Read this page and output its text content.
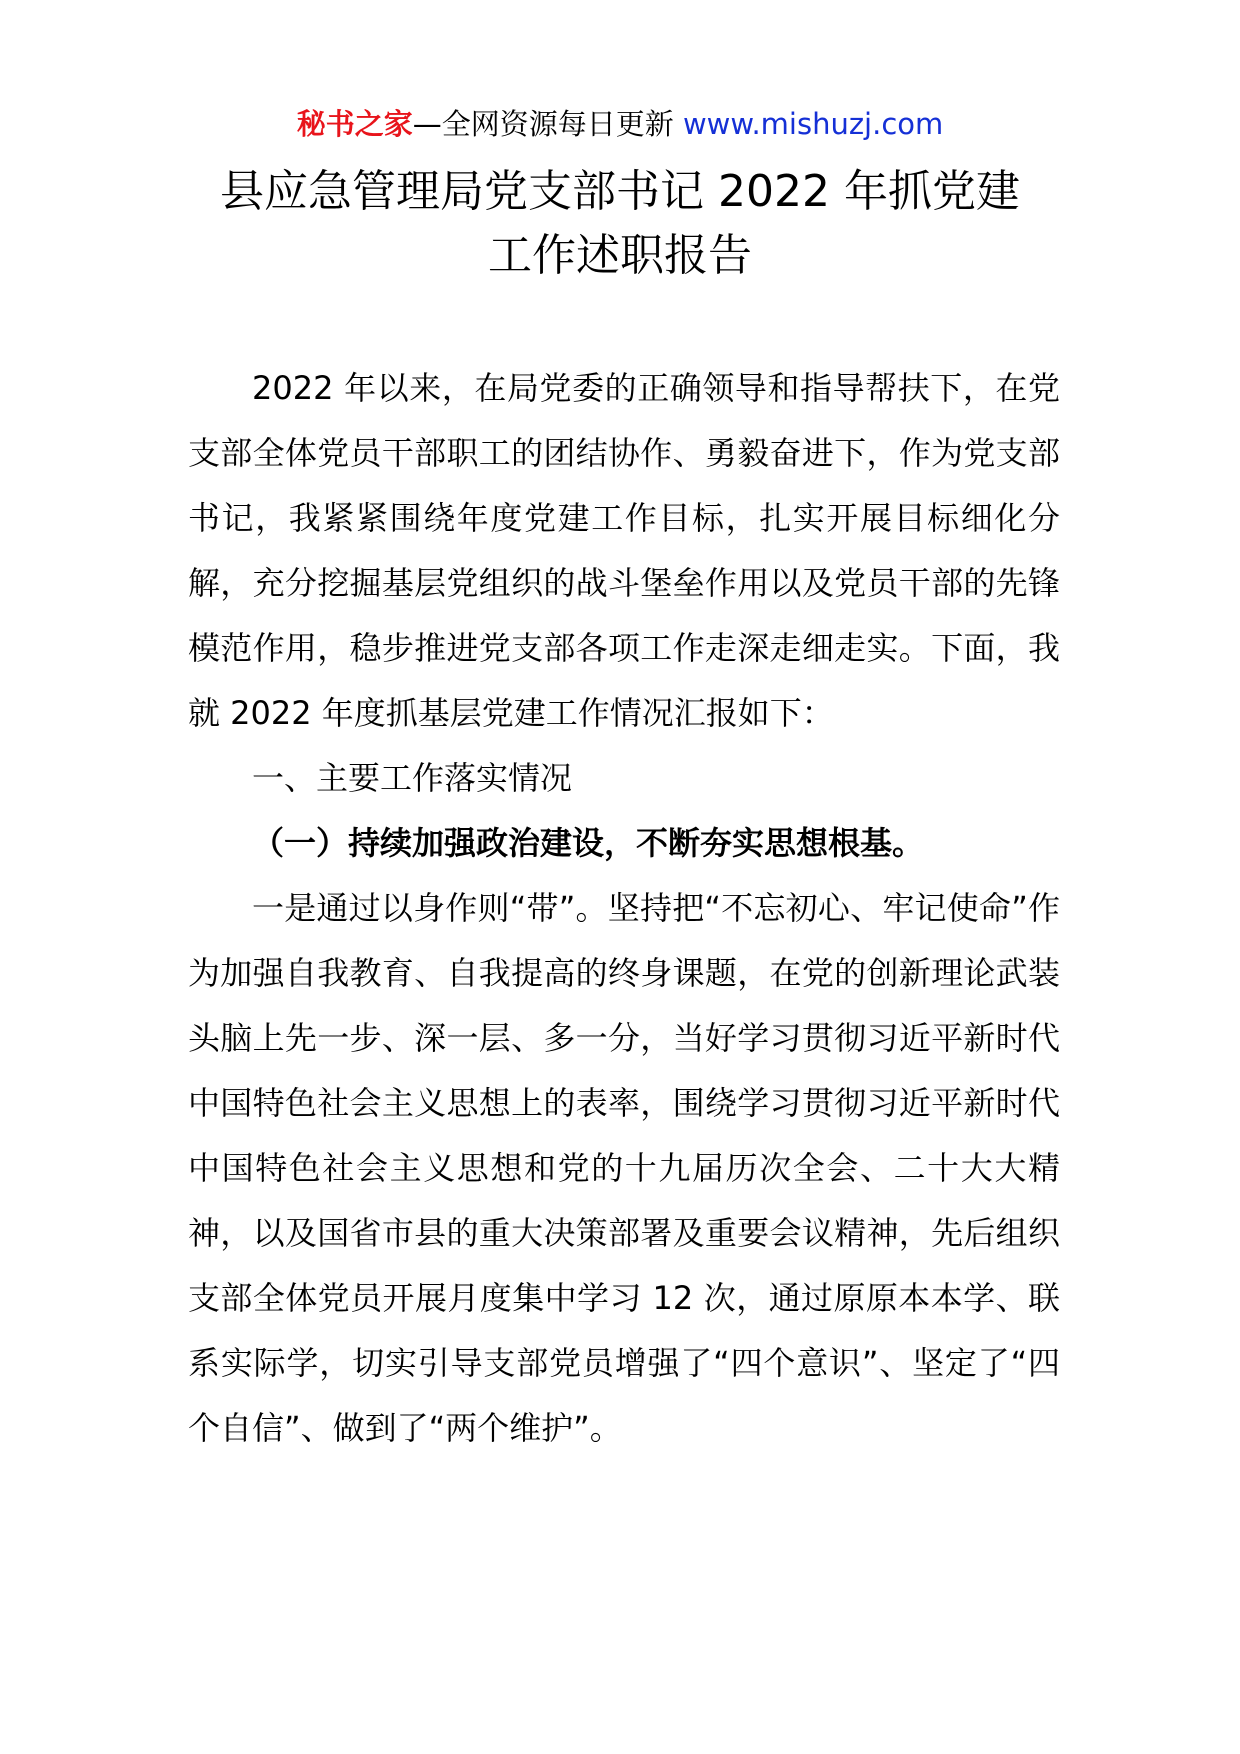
秘书之家—全网资源每日更新 www.mishuzj.com
县应急管理局党支部书记 2022 年抓党建
工作述职报告

2022 年以来，在局党委的正确领导和指导帮扶下，在党支部全体党员干部职工的团结协作、勇毅奋进下，作为党支部书记，我紧紧围绕年度党建工作目标，扎实开展目标细化分解，充分挖掘基层党组织的战斗堡垒作用以及党员干部的先锋模范作用，稳步推进党支部各项工作走深走细走实。下面，我就 2022 年度抓基层党建工作情况汇报如下：

一、主要工作落实情况

（一）持续加强政治建设，不断夯实思想根基。

一是通过以身作则“带”。坚持把“不忘初心、牢记使命”作为加强自我教育、自我提高的终身课题，在党的创新理论武装头脑上先一步、深一层、多一分，当好学习贯彻习近平新时代中国特色社会主义思想上的表率，围绕学习贯彻习近平新时代中国特色社会主义思想和党的十九届历次全会、二十大大精神，以及国省市县的重大决策部署及重要会议精神，先后组织支部全体党员开展月度集中学习 12 次，通过原原本本学、联系实际学，切实引导支部党员增强了“四个意识”、坚定了“四个自信”、做到了“两个维护”。
